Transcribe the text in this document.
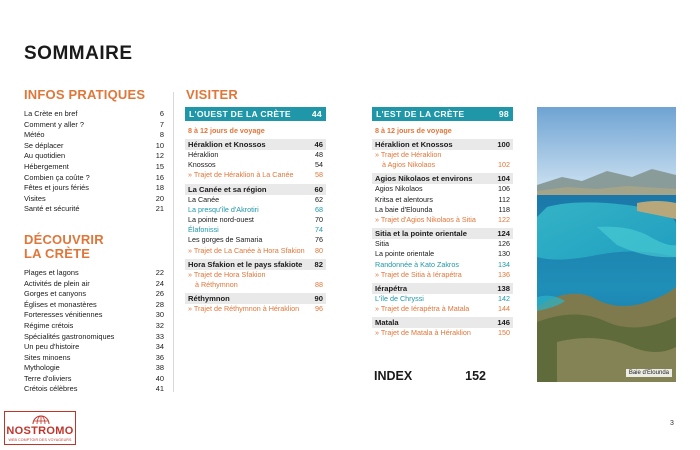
SOMMAIRE
INFOS PRATIQUES
La Crète en bref	6
Comment y aller ?	7
Météo	8
Se déplacer	10
Au quotidien	12
Hébergement	15
Combien ça coûte ?	16
Fêtes et jours fériés	18
Visites	20
Santé et sécurité	21
DÉCOUVRIR
LA CRÈTE
Plages et lagons	22
Activités de plein air	24
Gorges et canyons	26
Églises et monastères	28
Forteresses vénitiennes	30
Régime crétois	32
Spécialités gastronomiques	33
Un peu d'histoire	34
Sites minoens	36
Mythologie	38
Terre d'oliviers	40
Crétois célèbres	41
VISITER
L'OUEST DE LA CRÈTE 44
8 à 12 jours de voyage
Héraklion et Knossos	46
Héraklion	48
Knossos	54
» Trajet de Héraklion à La Canée	58
La Canée et sa région	60
La Canée	62
La presqu'île d'Akrotiri	68
La pointe nord-ouest	70
Élafonissi	74
Les gorges de Samaria	76
» Trajet de La Canée à Hora Sfakion 80
Hora Sfakion et le pays sfakiote 82
» Trajet de Hora Sfakion
à Réthymnon	88
Réthymnon	90
» Trajet de Réthymnon à Héraklion 96
L'EST DE LA CRÈTE	98
8 à 12 jours de voyage
Héraklion et Knossos	100
» Trajet de Héraklion
à Agios Nikolaos	102
Agios Nikolaos et environs	104
Agios Nikolaos	106
Kritsa et alentours	112
La baie d'Elounda	118
» Trajet d'Agios Nikolaos à Sitia	122
Sitia et la pointe orientale	124
Sitia	126
La pointe orientale	130
Randonnée à Kato Zakros	134
» Trajet de Sitia à Iérapétra	136
Iérapétra	138
L'île de Chryssi	142
» Trajet de Iérapétra à Matala	144
Matala	146
» Trajet de Matala à Héraklion	150
INDEX	152	Baie d'Elounda
3
NOSTROMO
WEB COMPTOIR DES VOYAGEURS
